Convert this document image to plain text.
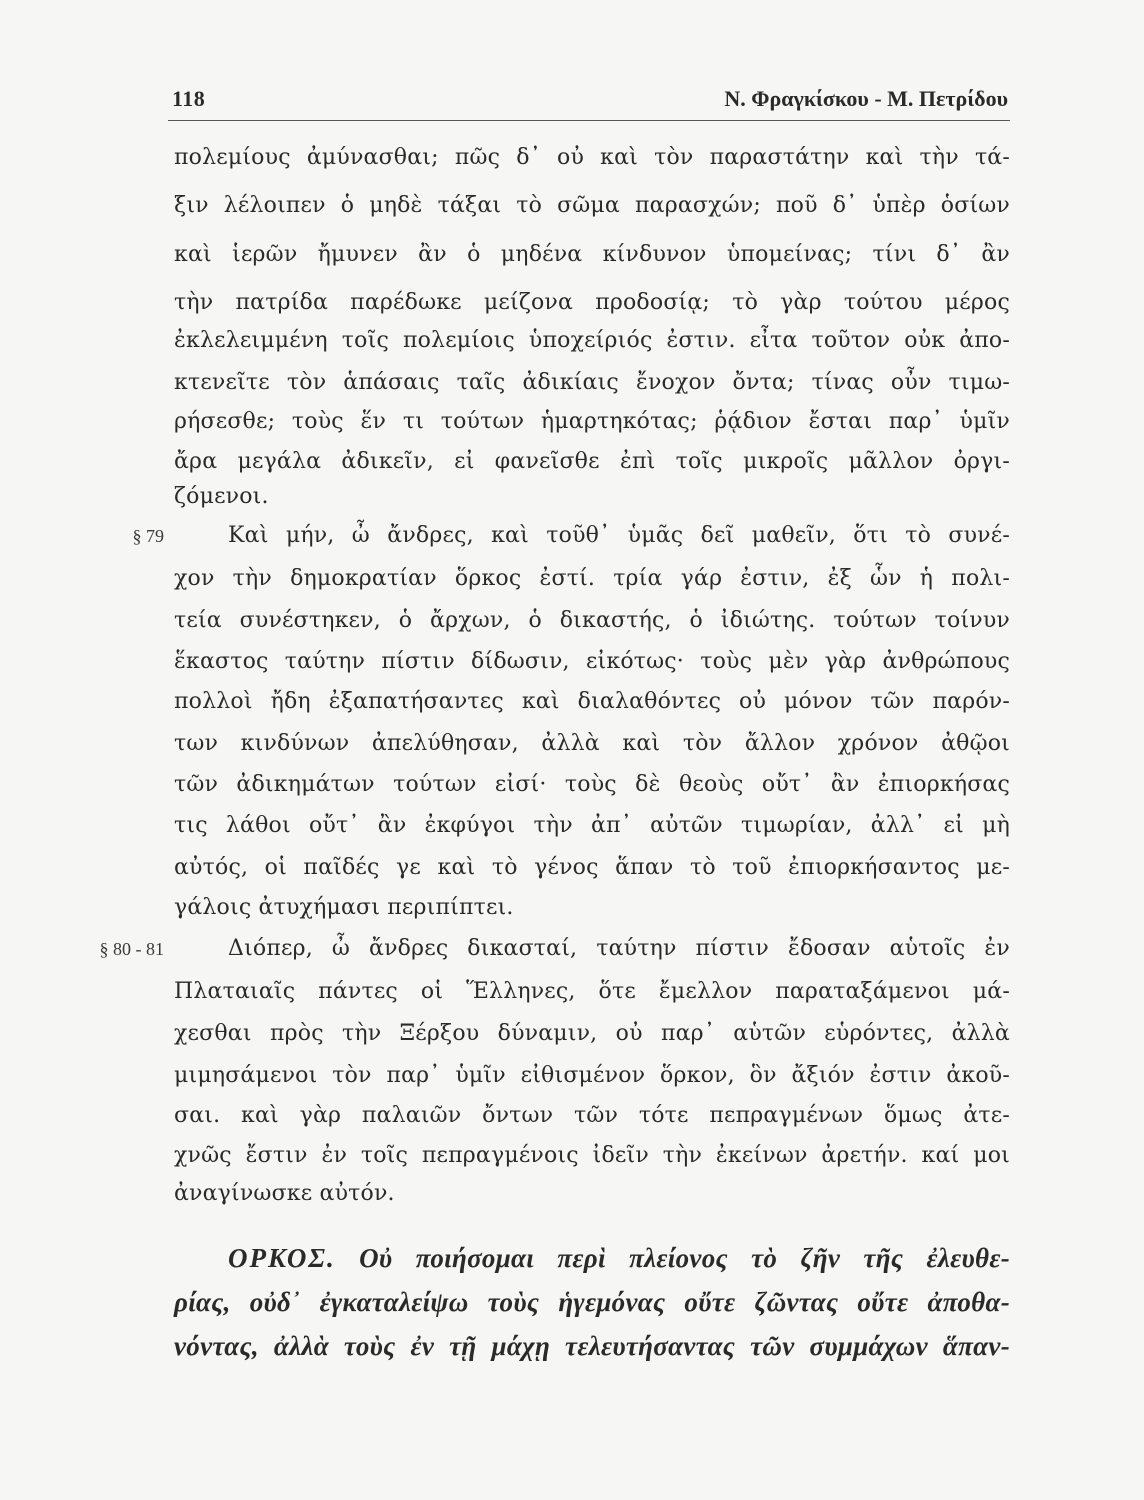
118	Ν. Φραγκίσκου - Μ. Πετρίδου
πολεμίους ἀμύνασθαι; πῶς δ᾿ οὐ καὶ τὸν παραστάτην καὶ τὴν τά-
ξιν λέλοιπεν ὁ μηδὲ τάξαι τὸ σῶμα παρασχών; ποῦ δ᾿ ὑπὲρ ὁσίων
καὶ ἱερῶν ἤμυνεν ἂν ὁ μηδένα κίνδυνον ὑπομείνας; τίνι δ᾿ ἂν
τὴν πατρίδα παρέδωκε μείζονα προδοσίᾳ; τὸ γὰρ τούτου μέρος
ἐκλελειμμένη τοῖς πολεμίοις ὑποχείριός ἐστιν. εἶτα τοῦτον οὐκ ἀπο-
κτενεῖτε τὸν ἁπάσαις ταῖς ἀδικίαις ἔνοχον ὄντα; τίνας οὖν τιμω-
ρήσεσθε; τοὺς ἕν τι τούτων ἡμαρτηκότας; ῥᾴδιον ἔσται παρ᾿ ὑμῖν
ἄρα μεγάλα ἀδικεῖν, εἰ φανεῖσθε ἐπὶ τοῖς μικροῖς μᾶλλον ὀργι-
ζόμενοι.
§ 79	Καὶ μήν, ὦ ἄνδρες, καὶ τοῦθ᾿ ὑμᾶς δεῖ μαθεῖν, ὅτι τὸ συνέ-
χον τὴν δημοκρατίαν ὅρκος ἐστί. τρία γάρ ἐστιν, ἐξ ὧν ἡ πολι-
τεία συνέστηκεν, ὁ ἄρχων, ὁ δικαστής, ὁ ἰδιώτης. τούτων τοίνυν
ἕκαστος ταύτην πίστιν δίδωσιν, εἰκότως· τοὺς μὲν γὰρ ἀνθρώπους
πολλοὶ ἤδη ἐξαπατήσαντες καὶ διαλαθόντες οὐ μόνον τῶν παρόν-
των κινδύνων ἀπελύθησαν, ἀλλὰ καὶ τὸν ἄλλον χρόνον ἀθῷοι
τῶν ἀδικημάτων τούτων εἰσί· τοὺς δὲ θεοὺς οὔτ᾿ ἂν ἐπιορκήσας
τις λάθοι οὔτ᾿ ἂν ἐκφύγοι τὴν ἀπ᾿ αὐτῶν τιμωρίαν, ἀλλ᾿ εἰ μὴ
αὐτός, οἱ παῖδές γε καὶ τὸ γένος ἅπαν τὸ τοῦ ἐπιορκήσαντος με-
γάλοις ἀτυχήμασι περιπίπτει.
§ 80 - 81	Διόπερ, ὦ ἄνδρες δικασταί, ταύτην πίστιν ἔδοσαν αὑτοῖς ἐν
Πλαταιαῖς πάντες οἱ Ἕλληνες, ὅτε ἔμελλον παραταξάμενοι μά-
χεσθαι πρὸς τὴν Ξέρξου δύναμιν, οὐ παρ᾿ αὑτῶν εὑρόντες, ἀλλὰ
μιμησάμενοι τὸν παρ᾿ ὑμῖν εἰθισμένον ὅρκον, ὃν ἄξιόν ἐστιν ἀκοῦ-
σαι. καὶ γὰρ παλαιῶν ὄντων τῶν τότε πεπραγμένων ὅμως ἀτε-
χνῶς ἔστιν ἐν τοῖς πεπραγμένοις ἰδεῖν τὴν ἐκείνων ἀρετήν. καί μοι
ἀναγίνωσκε αὐτόν.
ΟΡΚΟΣ. Οὐ ποιήσομαι περὶ πλείονος τὸ ζῆν τῆς ἐλευθε-
ρίας, οὐδ᾿ ἐγκαταλείψω τοὺς ἡγεμόνας οὔτε ζῶντας οὔτε ἀποθα-
νόντας, ἀλλὰ τοὺς ἐν τῇ μάχῃ τελευτήσαντας τῶν συμμάχων ἅπαν-
